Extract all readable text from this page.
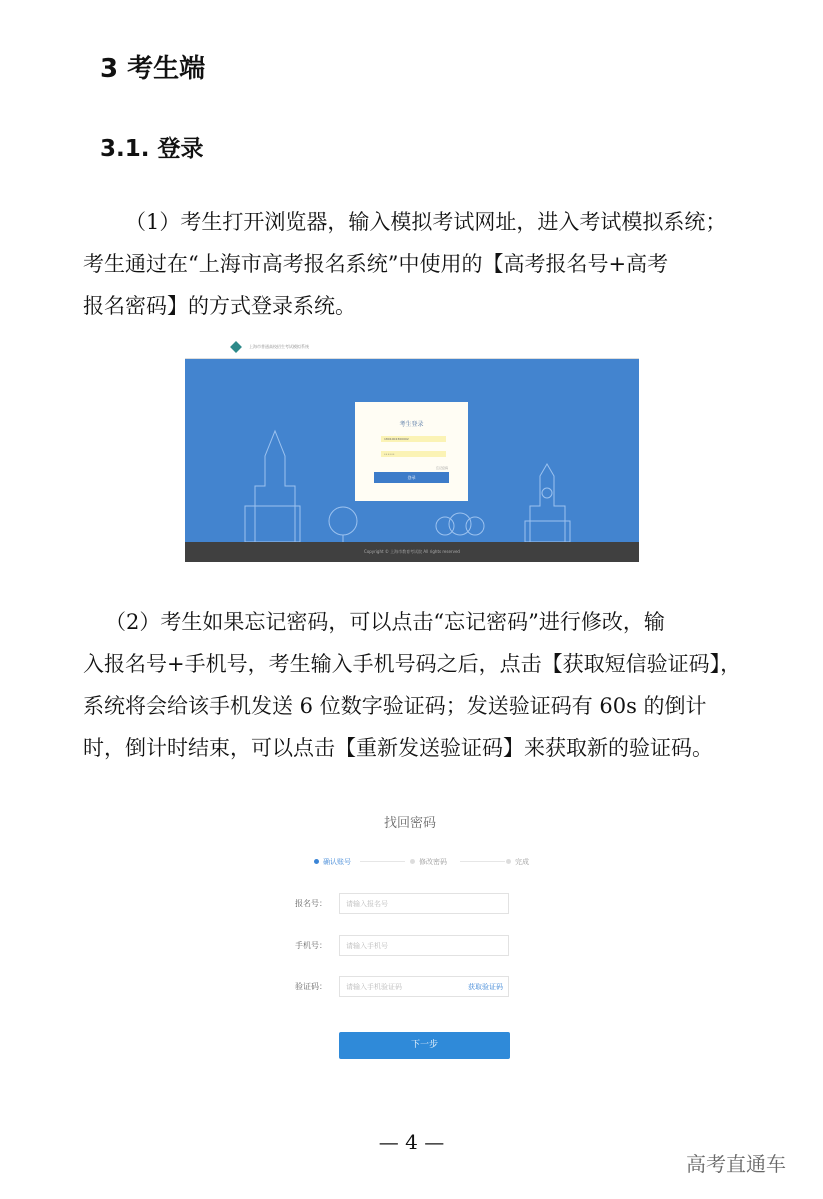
3 考生端
3.1. 登录
（1）考生打开浏览器，输入模拟考试网址，进入考试模拟系统；
考生通过在“上海市高考报名系统”中使用的【高考报名号+高考
报名密码】的方式登录系统。
上海市普通高校招生考试模拟系统
考生登录
1801002300002
••••••
忘记密码
登录
Copyright © 上海市教育考试院 All rights reserved
（2）考生如果忘记密码，可以点击“忘记密码”进行修改，输
入报名号+手机号，考生输入手机号码之后，点击【获取短信验证码】，
系统将会给该手机发送 6 位数字验证码；发送验证码有 60s 的倒计
时，倒计时结束，可以点击【重新发送验证码】来获取新的验证码。
找回密码
确认账号	修改密码	完成
报名号：	请输入报名号
手机号：	请输入手机号
验证码：	请输入手机验证码	获取验证码
下一步
— 4 —
高考直通车
